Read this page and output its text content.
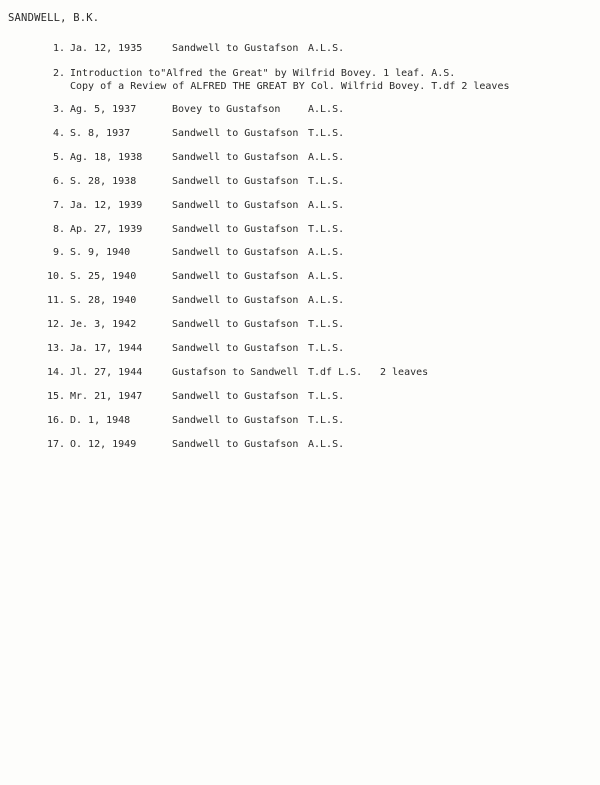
SANDWELL, B.K.
1. Ja. 12, 1935	Sandwell to Gustafson A.L.S.
2. Introduction to"Alfred the Great" by Wilfrid Bovey. 1 leaf. A.S.
Copy of a Review of ALFRED THE GREAT BY Col. Wilfrid Bovey. T.df 2 leaves
3. Ag. 5, 1937	Bovey to Gustafson	A.L.S.
4. S. 8, 1937	Sandwell to Gustafson T.L.S.
5. Ag. 18, 1938	Sandwell to Gustafson A.L.S.
6. S. 28, 1938	Sandwell to Gustafson T.L.S.
7. Ja. 12, 1939	Sandwell to Gustafson A.L.S.
8. Ap. 27, 1939	Sandwell to Gustafson T.L.S.
9. S. 9, 1940	Sandwell to Gustafson A.L.S.
10. S. 25, 1940	Sandwell to Gustafson A.L.S.
11. S. 28, 1940	Sandwell to Gustafson A.L.S.
12. Je. 3, 1942	Sandwell to Gustafson T.L.S.
13. Ja. 17, 1944	Sandwell to Gustafson T.L.S.
14. Jl. 27, 1944	Gustafson to Sandwell T.df L.S. 2 leaves
15. Mr. 21, 1947	Sandwell to Gustafson T.L.S.
16. D. 1, 1948	Sandwell to Gustafson T.L.S.
17. O. 12, 1949	Sandwell to Gustafson A.L.S.
